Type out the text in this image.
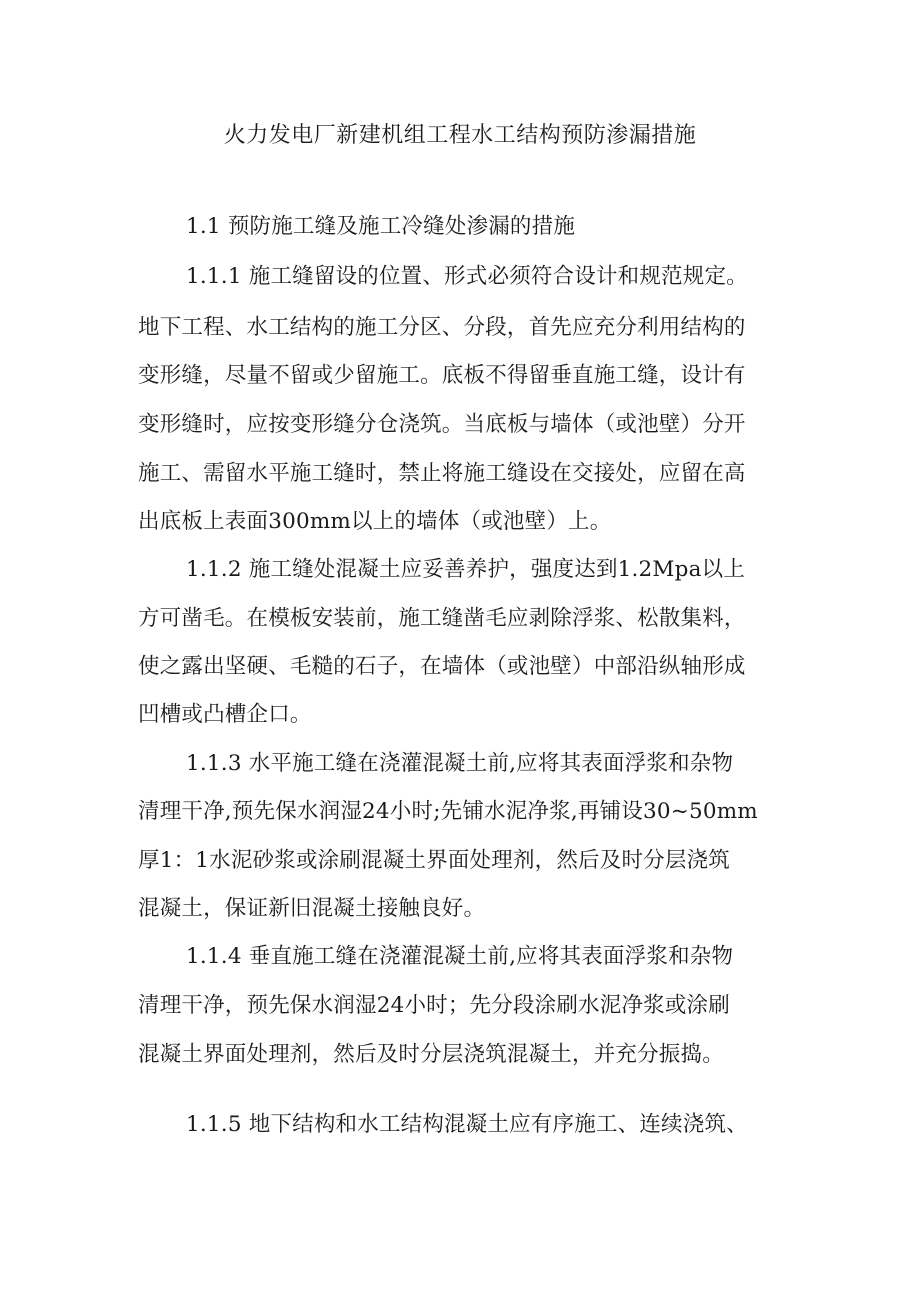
火力发电厂新建机组工程水工结构预防渗漏措施
1.1 预防施工缝及施工冷缝处渗漏的措施
1.1.1 施工缝留设的位置、形式必须符合设计和规范规定。
地下工程、水工结构的施工分区、分段，首先应充分利用结构的
变形缝，尽量不留或少留施工。底板不得留垂直施工缝，设计有
变形缝时，应按变形缝分仓浇筑。当底板与墙体（或池壁）分开
施工、需留水平施工缝时，禁止将施工缝设在交接处，应留在高
出底板上表面300mm以上的墙体（或池壁）上。
1.1.2 施工缝处混凝土应妥善养护，强度达到1.2Mpa以上
方可凿毛。在模板安装前，施工缝凿毛应剥除浮浆、松散集料，
使之露出坚硬、毛糙的石子，在墙体（或池壁）中部沿纵轴形成
凹槽或凸槽企口。
1.1.3 水平施工缝在浇灌混凝土前,应将其表面浮浆和杂物
清理干净,预先保水润湿24小时;先铺水泥净浆,再铺设30~50mm
厚1：1水泥砂浆或涂刷混凝土界面处理剂，然后及时分层浇筑
混凝土，保证新旧混凝土接触良好。
1.1.4 垂直施工缝在浇灌混凝土前,应将其表面浮浆和杂物
清理干净，预先保水润湿24小时；先分段涂刷水泥净浆或涂刷
混凝土界面处理剂，然后及时分层浇筑混凝土，并充分振捣。
1.1.5 地下结构和水工结构混凝土应有序施工、连续浇筑、
